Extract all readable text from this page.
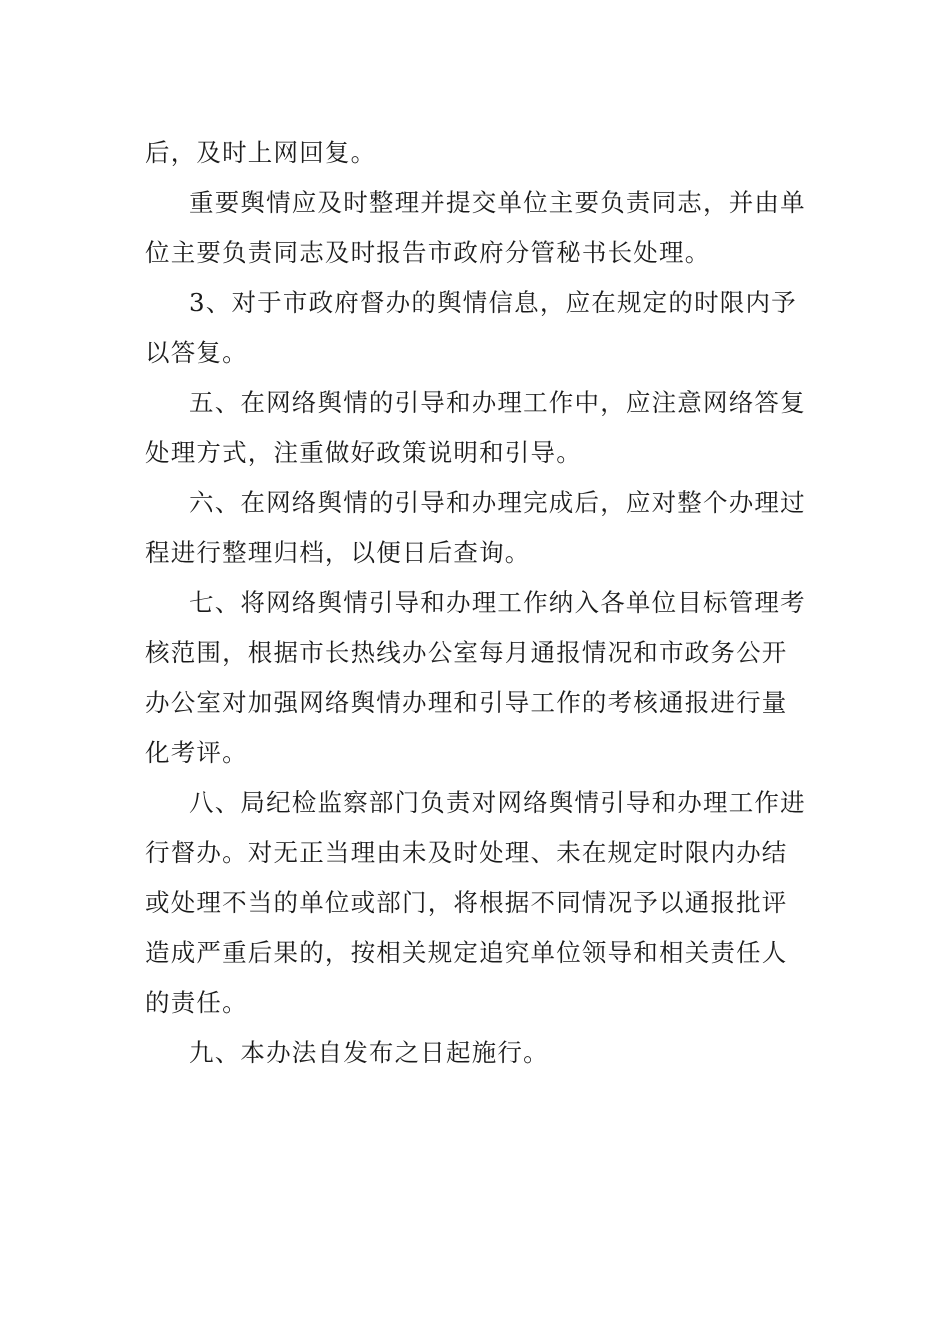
后，及时上网回复。
重要舆情应及时整理并提交单位主要负责同志，并由单
位主要负责同志及时报告市政府分管秘书长处理。
3、对于市政府督办的舆情信息，应在规定的时限内予
以答复。
五、在网络舆情的引导和办理工作中，应注意网络答复
处理方式，注重做好政策说明和引导。
六、在网络舆情的引导和办理完成后，应对整个办理过
程进行整理归档，以便日后查询。
七、将网络舆情引导和办理工作纳入各单位目标管理考
核范围，根据市长热线办公室每月通报情况和市政务公开
办公室对加强网络舆情办理和引导工作的考核通报进行量
化考评。
八、局纪检监察部门负责对网络舆情引导和办理工作进
行督办。对无正当理由未及时处理、未在规定时限内办结
或处理不当的单位或部门，将根据不同情况予以通报批评
造成严重后果的，按相关规定追究单位领导和相关责任人
的责任。
九、本办法自发布之日起施行。
